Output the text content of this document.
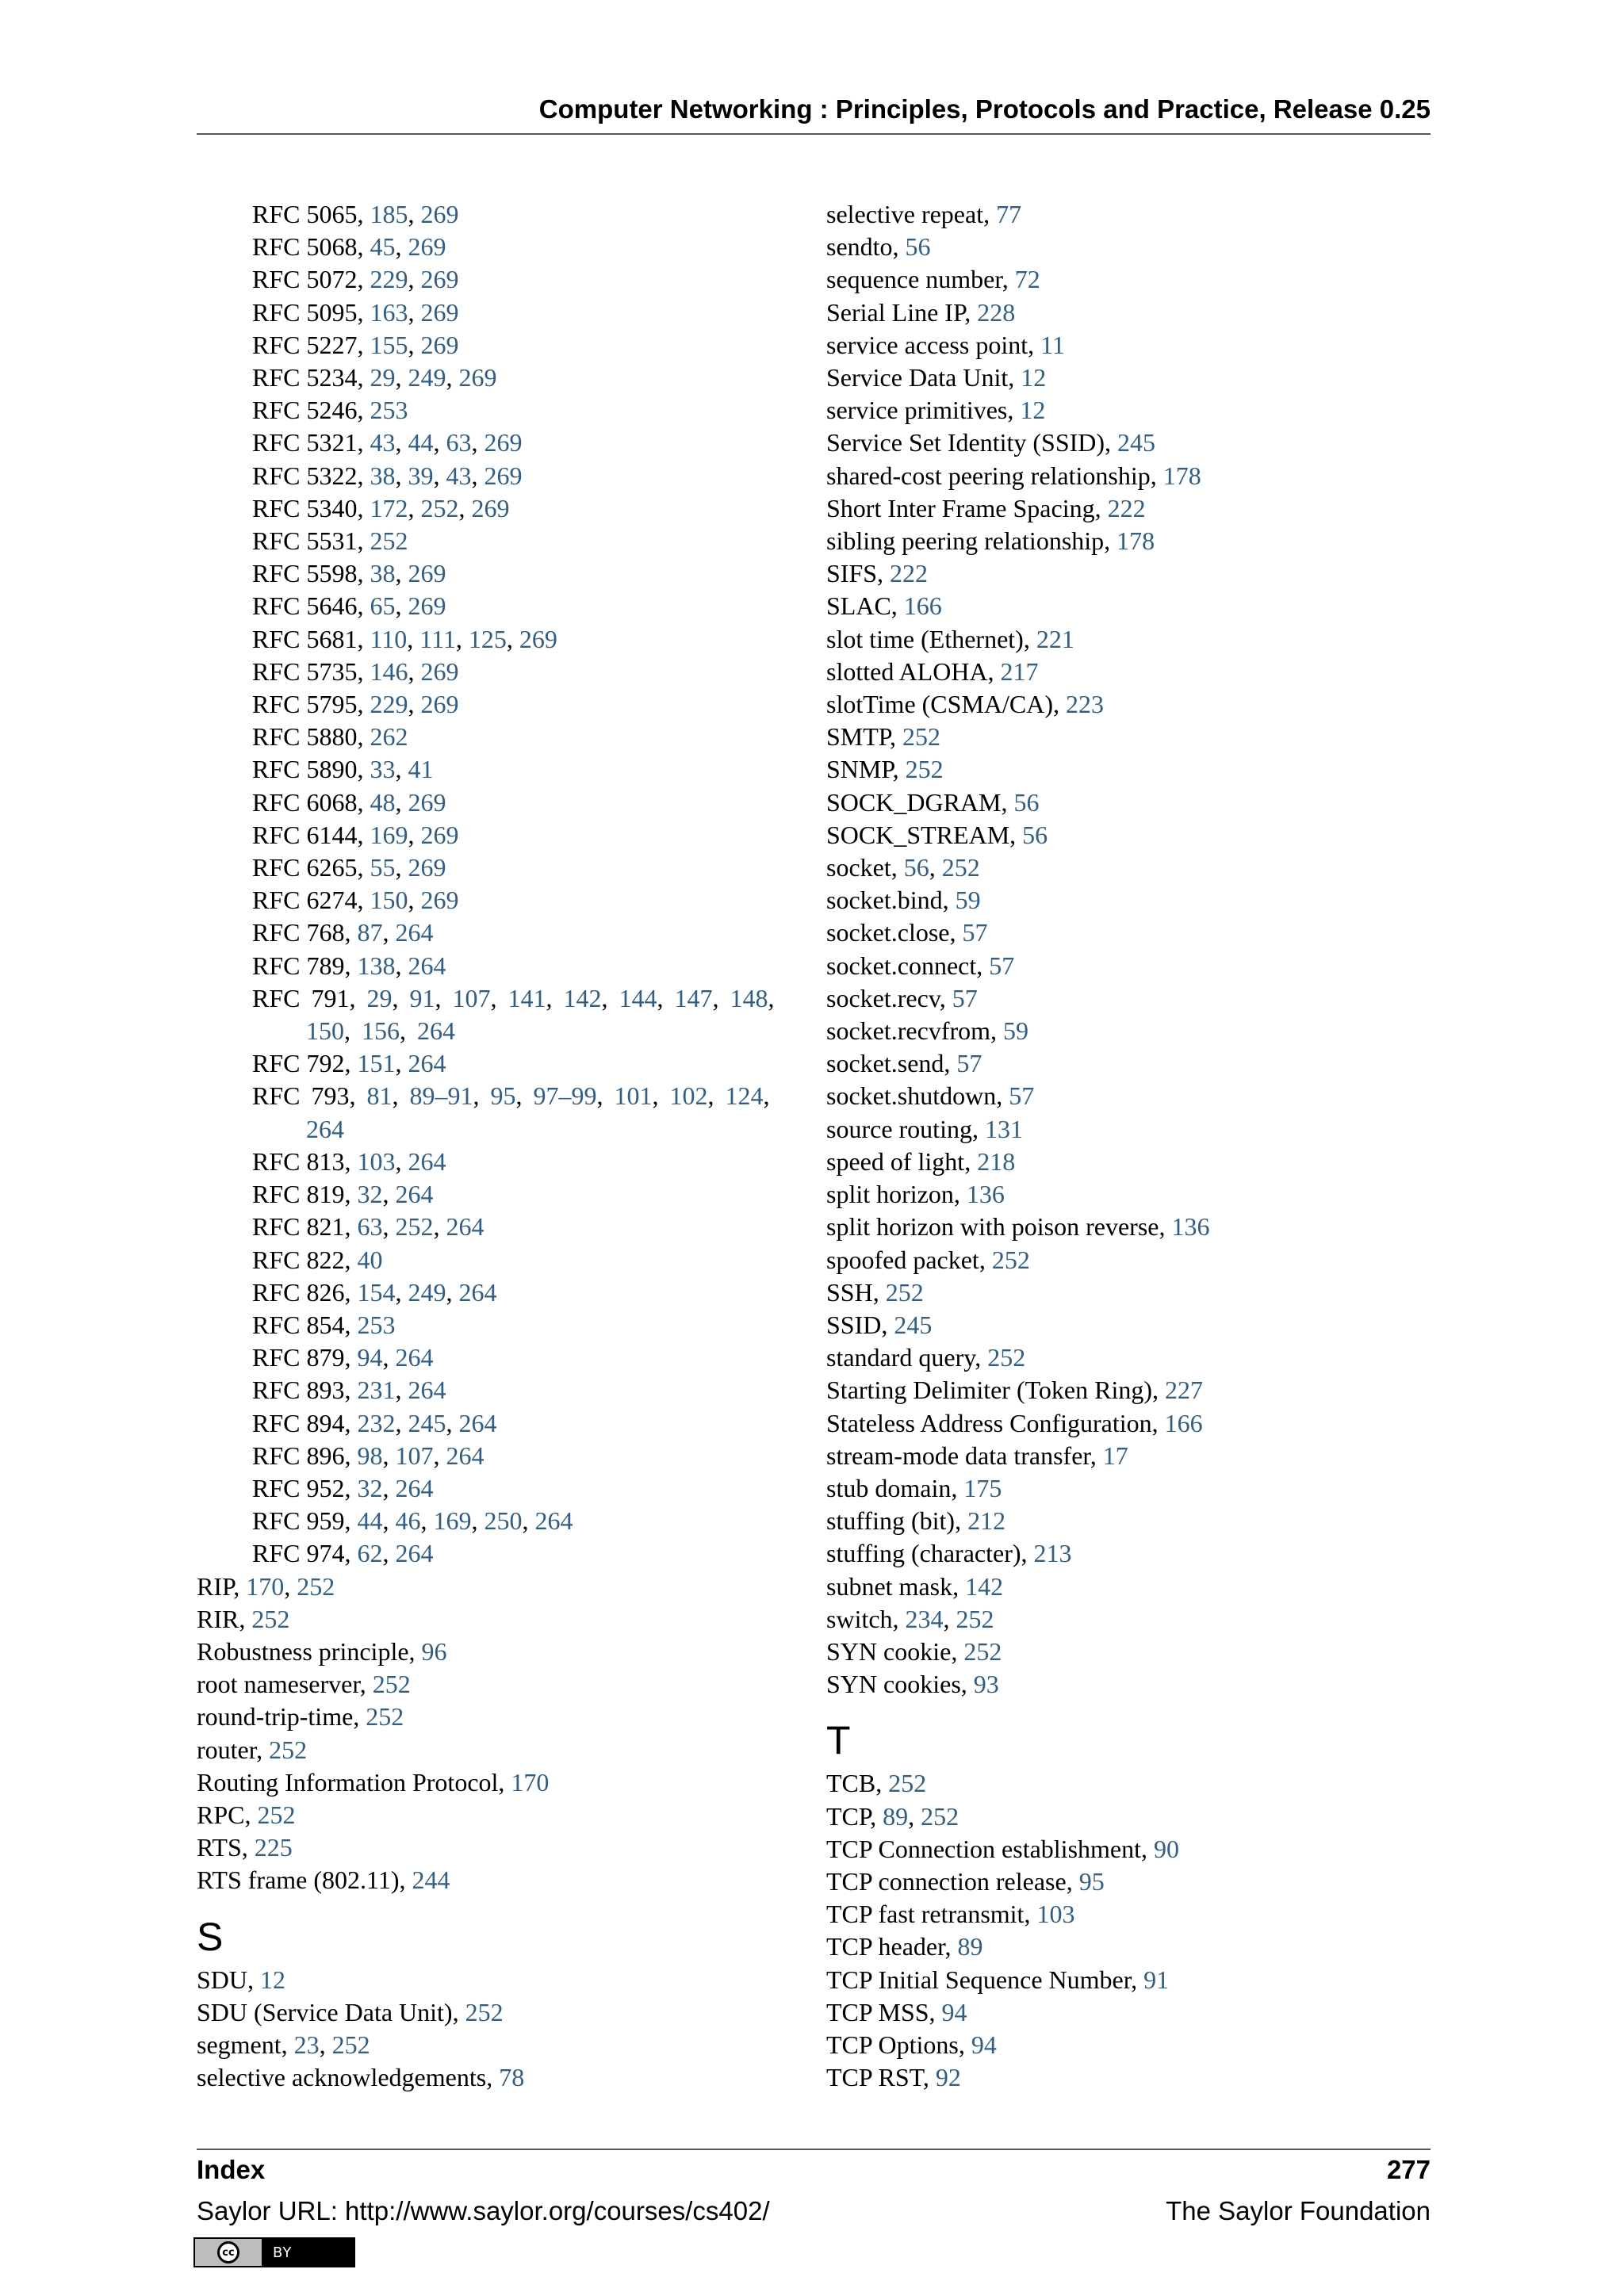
Computer Networking : Principles, Protocols and Practice, Release 0.25
RFC 5065, 185, 269
RFC 5068, 45, 269
RFC 5072, 229, 269
RFC 5095, 163, 269
RFC 5227, 155, 269
RFC 5234, 29, 249, 269
RFC 5246, 253
RFC 5321, 43, 44, 63, 269
RFC 5322, 38, 39, 43, 269
RFC 5340, 172, 252, 269
RFC 5531, 252
RFC 5598, 38, 269
RFC 5646, 65, 269
RFC 5681, 110, 111, 125, 269
RFC 5735, 146, 269
RFC 5795, 229, 269
RFC 5880, 262
RFC 5890, 33, 41
RFC 6068, 48, 269
RFC 6144, 169, 269
RFC 6265, 55, 269
RFC 6274, 150, 269
RFC 768, 87, 264
RFC 789, 138, 264
RFC 791, 29, 91, 107, 141, 142, 144, 147, 148, 150, 156, 264
RFC 792, 151, 264
RFC 793, 81, 89–91, 95, 97–99, 101, 102, 124, 264
RFC 813, 103, 264
RFC 819, 32, 264
RFC 821, 63, 252, 264
RFC 822, 40
RFC 826, 154, 249, 264
RFC 854, 253
RFC 879, 94, 264
RFC 893, 231, 264
RFC 894, 232, 245, 264
RFC 896, 98, 107, 264
RFC 952, 32, 264
RFC 959, 44, 46, 169, 250, 264
RFC 974, 62, 264
RIP, 170, 252
RIR, 252
Robustness principle, 96
root nameserver, 252
round-trip-time, 252
router, 252
Routing Information Protocol, 170
RPC, 252
RTS, 225
RTS frame (802.11), 244
S
SDU, 12
SDU (Service Data Unit), 252
segment, 23, 252
selective acknowledgements, 78
selective repeat, 77
sendto, 56
sequence number, 72
Serial Line IP, 228
service access point, 11
Service Data Unit, 12
service primitives, 12
Service Set Identity (SSID), 245
shared-cost peering relationship, 178
Short Inter Frame Spacing, 222
sibling peering relationship, 178
SIFS, 222
SLAC, 166
slot time (Ethernet), 221
slotted ALOHA, 217
slotTime (CSMA/CA), 223
SMTP, 252
SNMP, 252
SOCK_DGRAM, 56
SOCK_STREAM, 56
socket, 56, 252
socket.bind, 59
socket.close, 57
socket.connect, 57
socket.recv, 57
socket.recvfrom, 59
socket.send, 57
socket.shutdown, 57
source routing, 131
speed of light, 218
split horizon, 136
split horizon with poison reverse, 136
spoofed packet, 252
SSH, 252
SSID, 245
standard query, 252
Starting Delimiter (Token Ring), 227
Stateless Address Configuration, 166
stream-mode data transfer, 17
stub domain, 175
stuffing (bit), 212
stuffing (character), 213
subnet mask, 142
switch, 234, 252
SYN cookie, 252
SYN cookies, 93
T
TCB, 252
TCP, 89, 252
TCP Connection establishment, 90
TCP connection release, 95
TCP fast retransmit, 103
TCP header, 89
TCP Initial Sequence Number, 91
TCP MSS, 94
TCP Options, 94
TCP RST, 92
Index	277
Saylor URL: http://www.saylor.org/courses/cs402/	The Saylor Foundation
cc	BY
